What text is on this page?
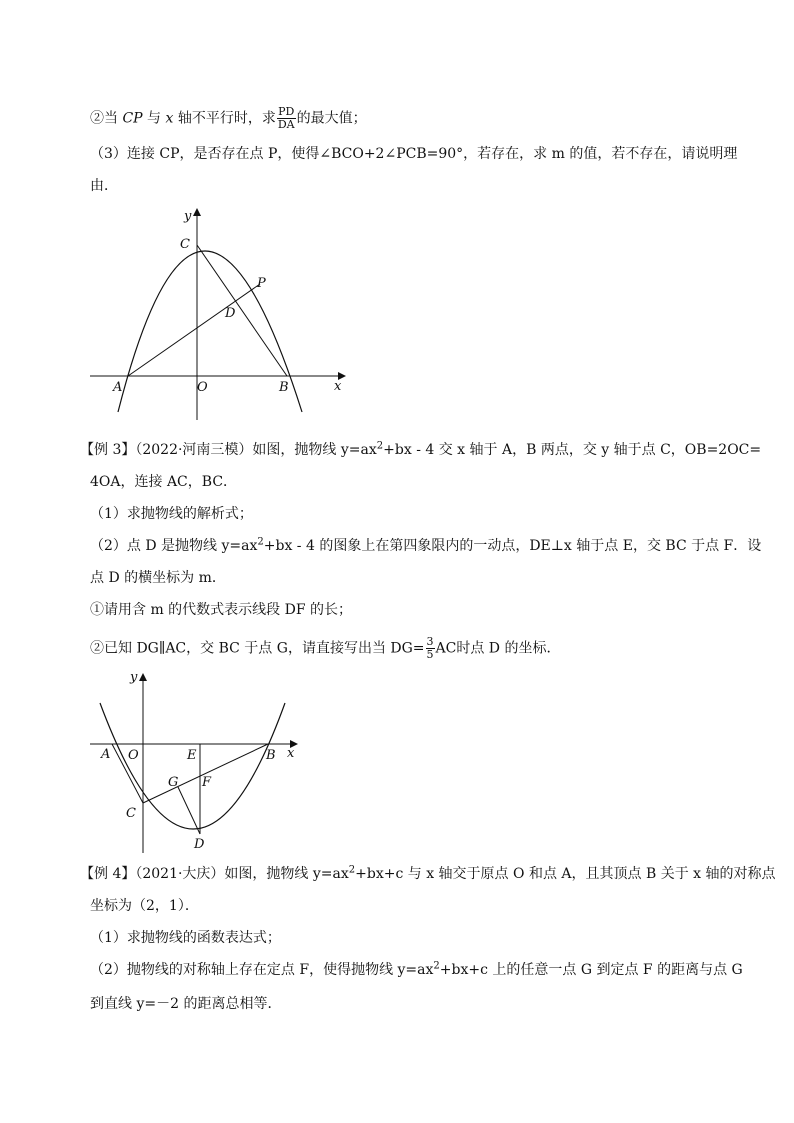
②当 CP 与 x 轴不平行时，求 $\frac{PD}{DA}$ 的最大值；
（3）连接 CP，是否存在点 P，使得∠BCO+2∠PCB=90°，若存在，求 m 的值，若不存在，请说明理
由．
y
C
P
D
A	O	B	x
【例 3】（2022·河南三模）如图，抛物线 $y=ax^2+bx - 4$ 交 x 轴于 A，B 两点，交 y 轴于点 C，OB=2OC=
4OA，连接 AC，BC．
（1）求抛物线的解析式；
（2）点 D 是抛物线 $y=ax^2+bx - 4$ 的图象上在第四象限内的一动点，DE⊥x 轴于点 E，交 BC 于点 F．设
点 D 的横坐标为 m．
①请用含 m 的代数式表示线段 DF 的长；
②已知 DG∥AC，交 BC 于点 G，请直接写出当 $DG= \frac{3}{5}$ AC时点 D 的坐标．
y
A O	E	B x
G F
C
D
【例 4】（2021·大庆）如图，抛物线 $y=ax^2+bx+c$ 与 x 轴交于原点 O 和点 A，且其顶点 B 关于 x 轴的对称点
坐标为（2，1）．
（1）求抛物线的函数表达式；
（2）抛物线的对称轴上存在定点 F，使得抛物线 $y=ax^2+bx+c$ 上的任意一点 G 到定点 F 的距离与点 G
到直线 y=－2 的距离总相等．
